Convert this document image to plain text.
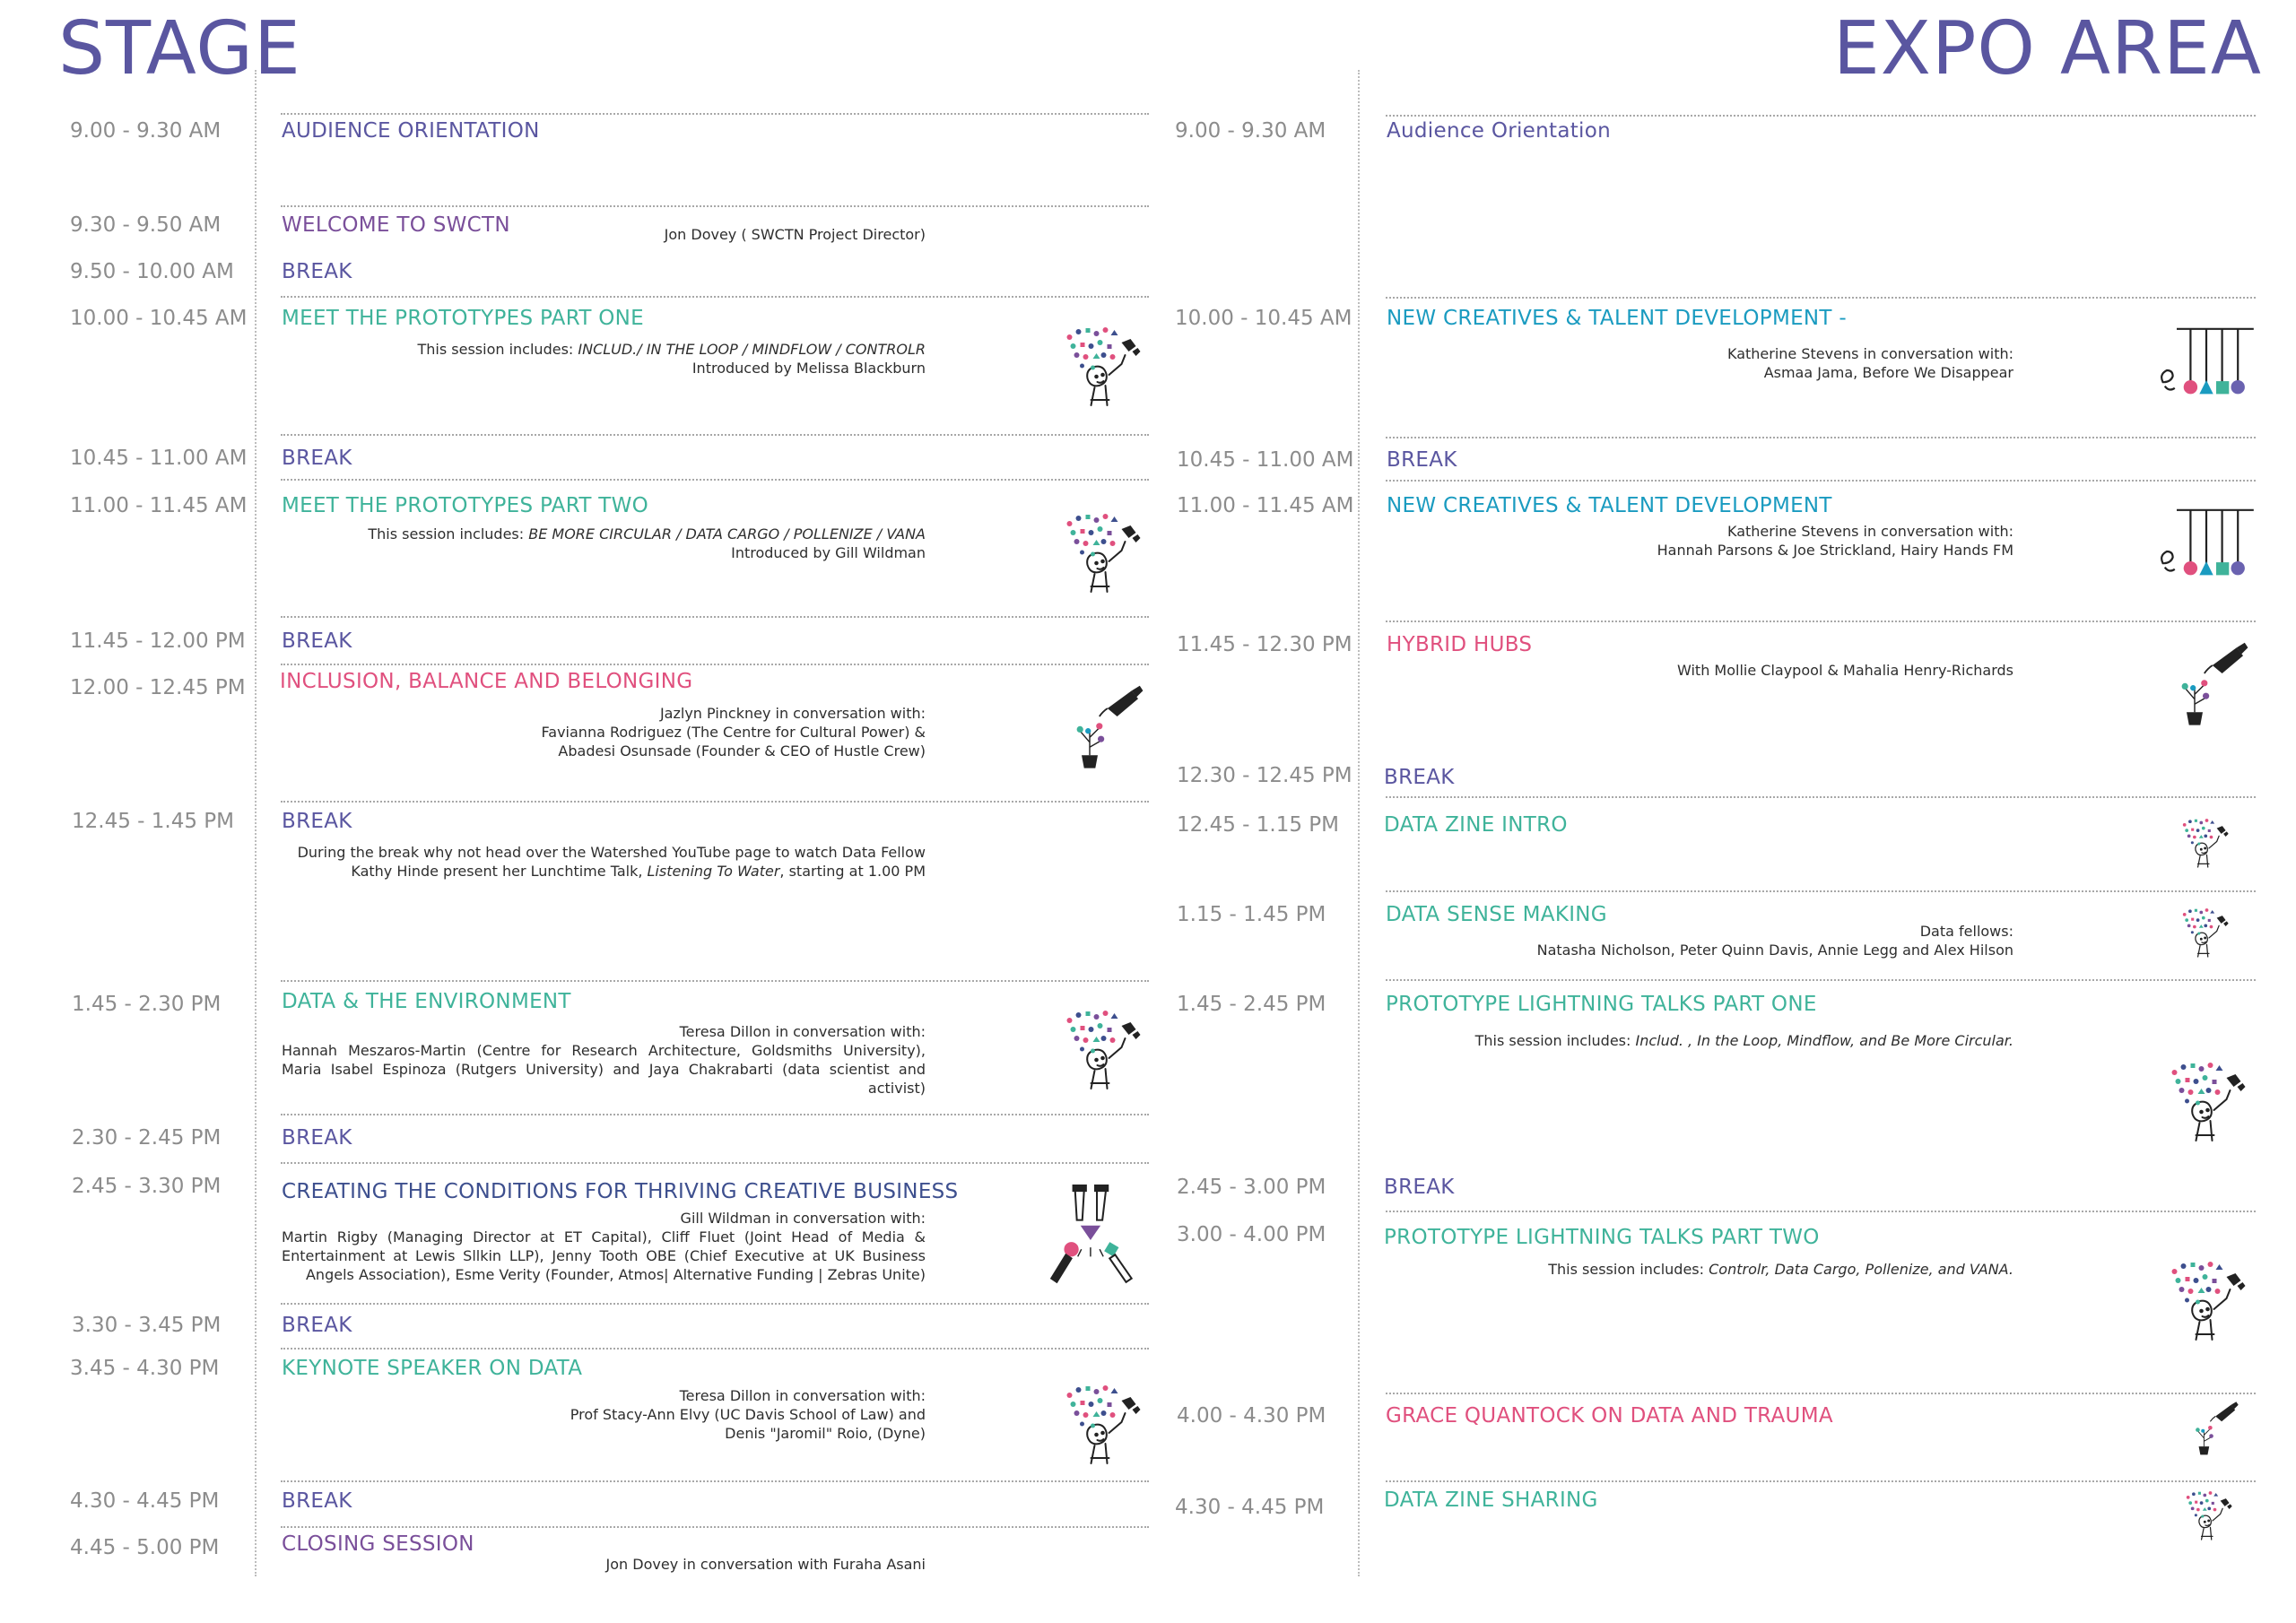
STAGE	EXPO AREA
9.00 - 9.30 AM	AUDIENCE ORIENTATION
9.30 - 9.50 AM	WELCOME TO SWCTN	Jon Dovey ( SWCTN Project Director)
9.50 - 10.00 AM BREAK
10.00 - 10.45 AM MEET THE PROTOTYPES PART ONE
This session includes: INCLUD./ IN THE LOOP / MINDFLOW / CONTROLR
Introduced by Melissa Blackburn
10.45 - 11.00 AM BREAK
11.00 - 11.45 AM MEET THE PROTOTYPES PART TWO
This session includes: BE MORE CIRCULAR / DATA CARGO / POLLENIZE / VANA
Introduced by Gill Wildman
11.45 - 12.00 PM BREAK
12.00 - 12.45 PM INCLUSION, BALANCE AND BELONGING
Jazlyn Pinckney in conversation with:
Favianna Rodriguez (The Centre for Cultural Power) &
Abadesi Osunsade (Founder & CEO of Hustle Crew)
12.45 - 1.45 PM BREAK
During the break why not head over the Watershed YouTube page to watch Data Fellow
Kathy Hinde present her Lunchtime Talk, Listening To Water, starting at 1.00 PM
1.45 - 2.30 PM	DATA & THE ENVIRONMENT
Teresa Dillon in conversation with:
Hannah Meszaros-Martin (Centre for Research Architecture, Goldsmiths University), Maria Isabel Espinoza (Rutgers University) and Jaya Chakrabarti (data scientist and activist)
2.30 - 2.45 PM	BREAK
2.45 - 3.30 PM	CREATING THE CONDITIONS FOR THRIVING CREATIVE BUSINESS
Gill Wildman in conversation with:
Martin Rigby (Managing Director at ET Capital), Cliff Fluet (Joint Head of Media & Entertainment at Lewis Sllkin LLP), Jenny Tooth OBE (Chief Executive at UK Business Angels Association), Esme Verity (Founder, Atmos| Alternative Funding | Zebras Unite)
3.30 - 3.45 PM	BREAK
3.45 - 4.30 PM	KEYNOTE SPEAKER ON DATA
Teresa Dillon in conversation with:
Prof Stacy-Ann Elvy (UC Davis School of Law) and
Denis "Jaromil" Roio, (Dyne)
4.30 - 4.45 PM	BREAK
4.45 - 5.00 PM	CLOSING SESSION
Jon Dovey in conversation with Furaha Asani
9.00 - 9.30 AM	Audience Orientation
10.00 - 10.45 AM NEW CREATIVES & TALENT DEVELOPMENT -
Katherine Stevens in conversation with:
Asmaa Jama, Before We Disappear
10.45 - 11.00 AM BREAK
11.00 - 11.45 AM NEW CREATIVES & TALENT DEVELOPMENT
Katherine Stevens in conversation with:
Hannah Parsons & Joe Strickland, Hairy Hands FM
11.45 - 12.30 PM HYBRID HUBS
With Mollie Claypool & Mahalia Henry-Richards
12.30 - 12.45 PM BREAK
12.45 - 1.15 PM DATA ZINE INTRO
1.15 - 1.45 PM	DATA SENSE MAKING
Data fellows:
Natasha Nicholson, Peter Quinn Davis, Annie Legg and Alex Hilson
1.45 - 2.45 PM	PROTOTYPE LIGHTNING TALKS PART ONE
This session includes: Includ. , In the Loop, Mindflow, and Be More Circular.
2.45 - 3.00 PM	BREAK
3.00 - 4.00 PM	PROTOTYPE LIGHTNING TALKS PART TWO
This session includes: Controlr, Data Cargo, Pollenize, and VANA.
4.00 - 4.30 PM	GRACE QUANTOCK ON DATA AND TRAUMA
4.30 - 4.45 PM	DATA ZINE SHARING
